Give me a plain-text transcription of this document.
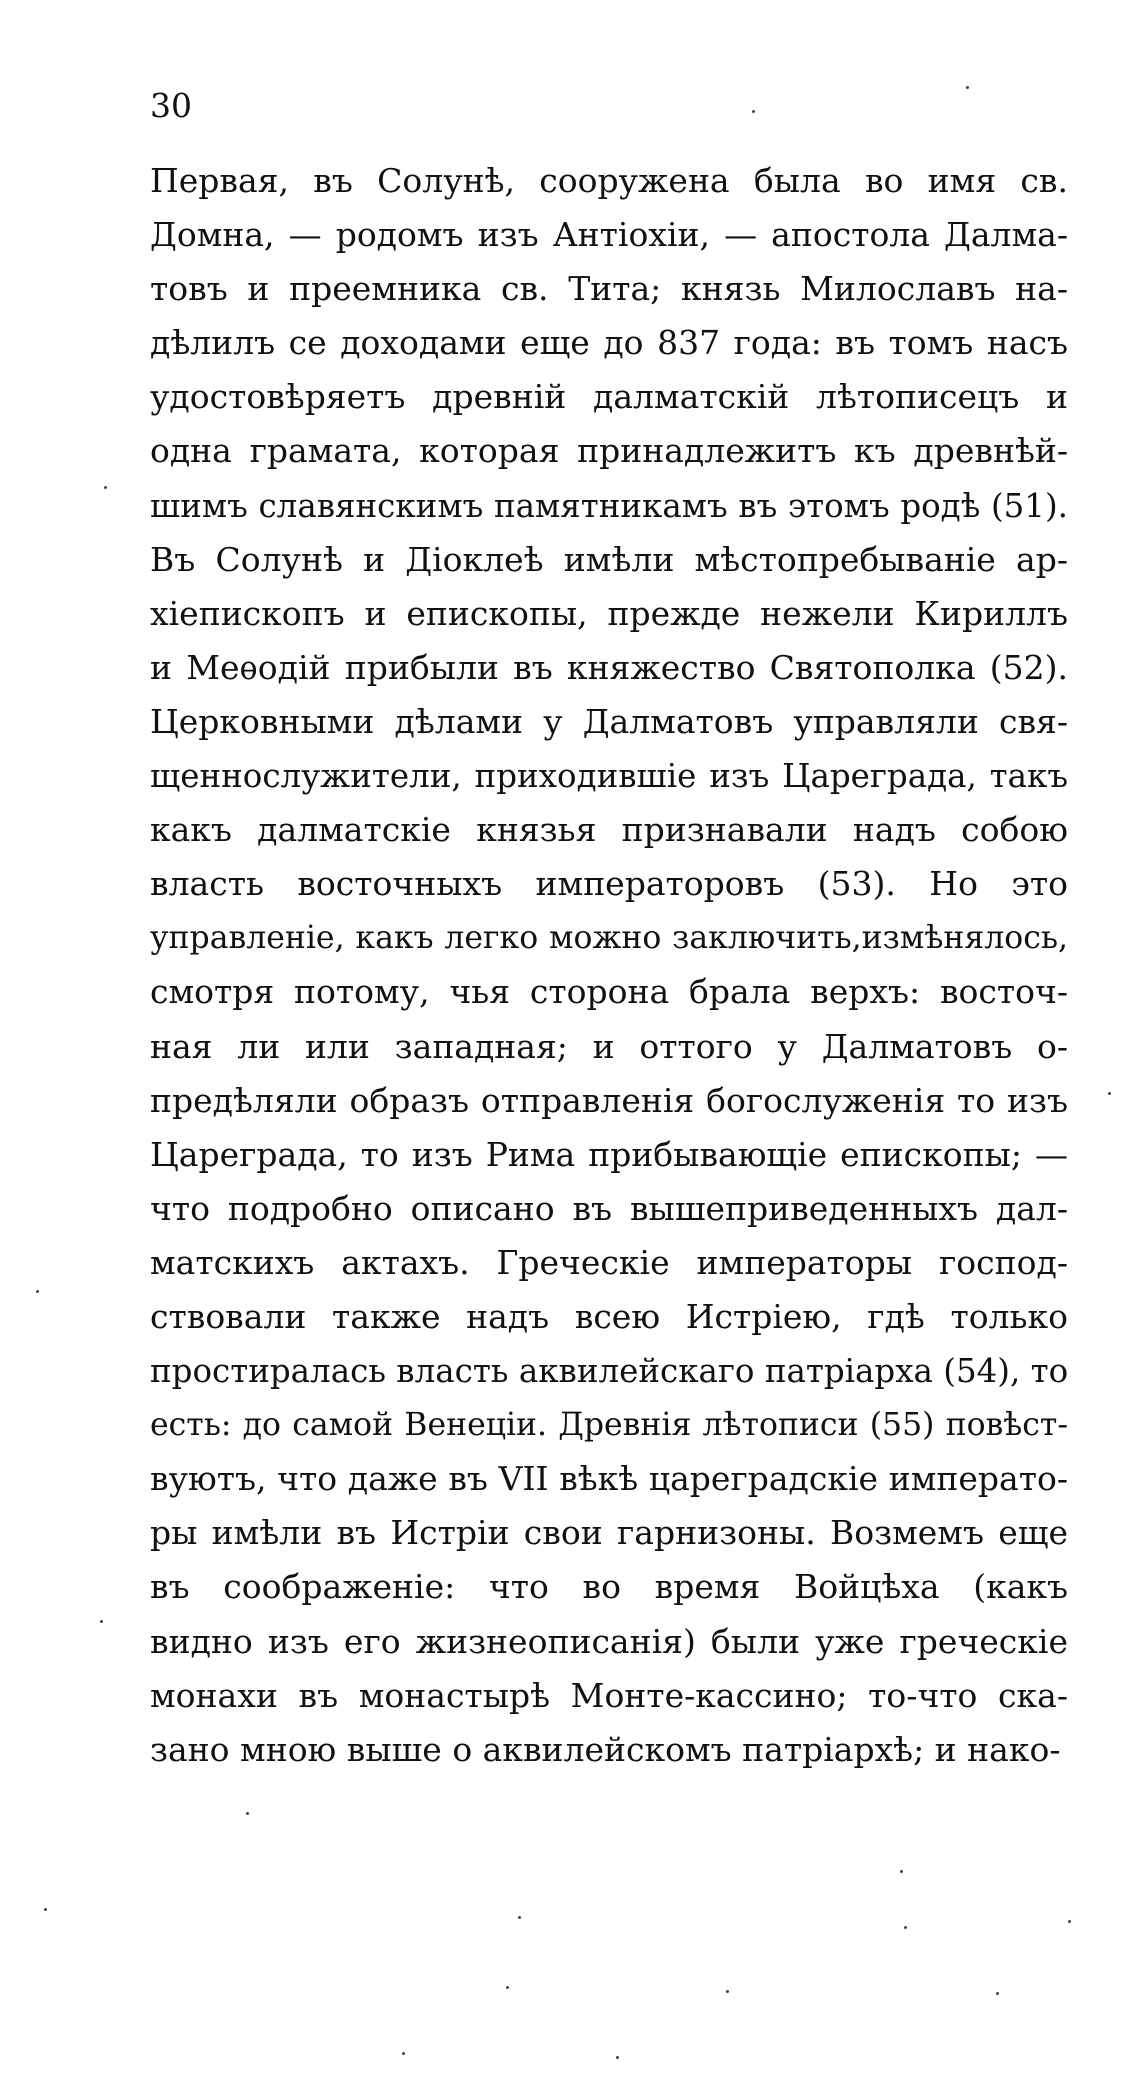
30
Первая, въ Солунѣ, сооружена была во имя св.
Домна, — родомъ изъ Антіохіи, — апостола Далма-
товъ и преемника св. Тита; князь Милославъ на-
дѣлилъ се доходами еще до 837 года: въ томъ насъ
удостовѣряетъ древній далматскій лѣтописецъ и
одна грамата, которая принадлежитъ къ древнѣй-
шимъ славянскимъ памятникамъ въ этомъ родѣ (51).
Въ Солунѣ и Діоклеѣ имѣли мѣстопребываніе ар-
хіепископъ и епископы, прежде нежели Кириллъ
и Меѳодій прибыли въ княжество Святополка (52).
Церковными дѣлами у Далматовъ управляли свя-
щеннослужители, приходившіе изъ Цареграда, такъ
какъ далматскіе князья признавали надъ собою
власть восточныхъ императоровъ (53). Но это
управленіе, какъ легко можно заключить,измѣнялось,
смотря потому, чья сторона брала верхъ: восточ-
ная ли или западная; и оттого у Далматовъ о-
предѣляли образъ отправленія богослуженія то изъ
Цареграда, то изъ Рима прибывающіе епископы; —
что подробно описано въ вышеприведенныхъ дал-
матскихъ актахъ. Греческіе императоры господ-
ствовали также надъ всею Истріею, гдѣ только
простиралась власть аквилейскаго патріарха (54), то
есть: до самой Венеціи. Древнія лѣтописи (55) повѣст-
вуютъ, что даже въ VII вѣкѣ цареградскіе императо-
ры имѣли въ Истріи свои гарнизоны. Возмемъ еще
въ соображеніе: что во время Войцѣха (какъ
видно изъ его жизнеописанія) были уже греческіе
монахи въ монастырѣ Монте-кассино; то-что ска-
зано мною выше о аквилейскомъ патріархѣ; и нако-
